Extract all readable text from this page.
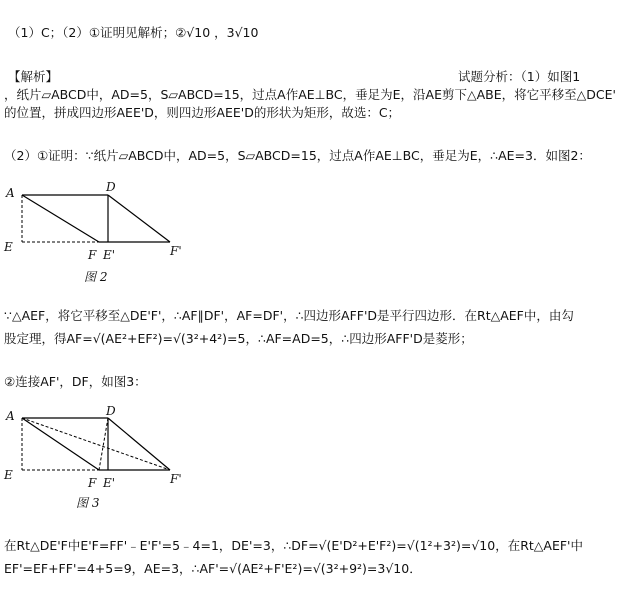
（1）C；（2）①证明见解析；②√10 ，3√10
【解析】	试题分析：（1）如图1
，纸片▱ABCD中，AD=5，S▱ABCD=15，过点A作AE⊥BC，垂足为E，沿AE剪下△ABE，将它平移至△DCE'
的位置，拼成四边形AEE'D，则四边形AEE'D的形状为矩形，故选：C；
（2）①证明：∵纸片▱ABCD中，AD=5，S▱ABCD=15，过点A作AE⊥BC，垂足为E，∴AE=3．如图2：
A	D
E
F E'	F'
图 2
∵△AEF，将它平移至△DE'F'，∴AF∥DF'，AF=DF'，∴四边形AFF'D是平行四边形．在Rt△AEF中，由勾
股定理，得AF=√(AE²+EF²)=√(3²+4²)=5，∴AF=AD=5，∴四边形AFF'D是菱形；
②连接AF'，DF，如图3：
A	D
E
F E'	F'
图 3
在Rt△DE'F中E'F=FF'﹣E'F'=5﹣4=1，DE'=3，∴DF=√(E'D²+E'F²)=√(1²+3²)=√10，在Rt△AEF'中
EF'=EF+FF'=4+5=9，AE=3，∴AF'=√(AE²+F'E²)=√(3²+9²)=3√10．
